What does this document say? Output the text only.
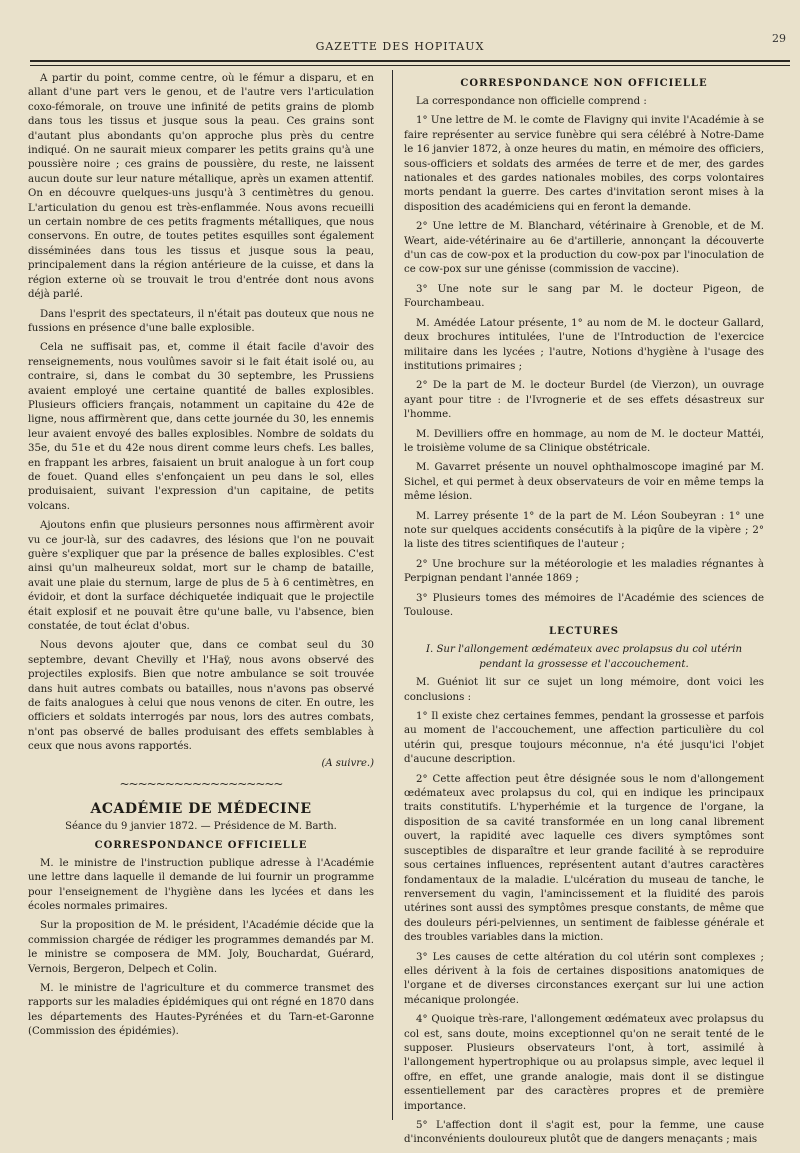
GAZETTE DES HOPITAUX
29

A partir du point, comme centre, où le fémur a disparu, et en allant d'une part vers le genou, et de l'autre vers l'articulation coxo-fémorale, on trouve une infinité de petits grains de plomb dans tous les tissus et jusque sous la peau. Ces grains sont d'autant plus abondants qu'on approche plus près du centre indiqué. On ne saurait mieux comparer les petits grains qu'à une poussière noire ; ces grains de poussière, du reste, ne laissent aucun doute sur leur nature métallique, après un examen attentif. On en découvre quelques-uns jusqu'à 3 centimètres du genou. L'articulation du genou est très-enflammée. Nous avons recueilli un certain nombre de ces petits fragments métalliques, que nous conservons. En outre, de toutes petites esquilles sont également disséminées dans tous les tissus et jusque sous la peau, principalement dans la région antérieure de la cuisse, et dans la région externe où se trouvait le trou d'entrée dont nous avons déjà parlé.

Dans l'esprit des spectateurs, il n'était pas douteux que nous ne fussions en présence d'une balle explosible.

Cela ne suffisait pas, et, comme il était facile d'avoir des renseignements, nous voulûmes savoir si le fait était isolé ou, au contraire, si, dans le combat du 30 septembre, les Prussiens avaient employé une certaine quantité de balles explosibles. Plusieurs officiers français, notamment un capitaine du 42e de ligne, nous affirmèrent que, dans cette journée du 30, les ennemis leur avaient envoyé des balles explosibles. Nombre de soldats du 35e, du 51e et du 42e nous dirent comme leurs chefs. Les balles, en frappant les arbres, faisaient un bruit analogue à un fort coup de fouet. Quand elles s'enfonçaient un peu dans le sol, elles produisaient, suivant l'expression d'un capitaine, de petits volcans.

Ajoutons enfin que plusieurs personnes nous affirmèrent avoir vu ce jour-là, sur des cadavres, des lésions que l'on ne pouvait guère s'expliquer que par la présence de balles explosibles. C'est ainsi qu'un malheureux soldat, mort sur le champ de bataille, avait une plaie du sternum, large de plus de 5 à 6 centimètres, en évidoir, et dont la surface déchiquetée indiquait que le projectile était explosif et ne pouvait être qu'une balle, vu l'absence, bien constatée, de tout éclat d'obus.

Nous devons ajouter que, dans ce combat seul du 30 septembre, devant Chevilly et l'Haÿ, nous avons observé des projectiles explosifs. Bien que notre ambulance se soit trouvée dans huit autres combats ou batailles, nous n'avons pas observé de faits analogues à celui que nous venons de citer. En outre, les officiers et soldats interrogés par nous, lors des autres combats, n'ont pas observé de balles produisant des effets semblables à ceux que nous avons rapportés.

(A suivre.)
~~~~~~~~~~~~~~~~~~
ACADÉMIE DE MÉDECINE
Séance du 9 janvier 1872. — Présidence de M. Barth.
CORRESPONDANCE OFFICIELLE

M. le ministre de l'instruction publique adresse à l'Académie une lettre dans laquelle il demande de lui fournir un programme pour l'enseignement de l'hygiène dans les lycées et dans les écoles normales primaires.

Sur la proposition de M. le président, l'Académie décide que la commission chargée de rédiger les programmes demandés par M. le ministre se composera de MM. Joly, Bouchardat, Guérard, Vernois, Bergeron, Delpech et Colin.

M. le ministre de l'agriculture et du commerce transmet des rapports sur les maladies épidémiques qui ont régné en 1870 dans les départements des Hautes-Pyrénées et du Tarn-et-Garonne (Commission des épidémies).

CORRESPONDANCE NON OFFICIELLE

La correspondance non officielle comprend :

1° Une lettre de M. le comte de Flavigny qui invite l'Académie à se faire représenter au service funèbre qui sera célébré à Notre-Dame le 16 janvier 1872, à onze heures du matin, en mémoire des officiers, sous-officiers et soldats des armées de terre et de mer, des gardes nationales et des gardes nationales mobiles, des corps volontaires morts pendant la guerre. Des cartes d'invitation seront mises à la disposition des académiciens qui en feront la demande.

2° Une lettre de M. Blanchard, vétérinaire à Grenoble, et de M. Weart, aide-vétérinaire au 6e d'artillerie, annonçant la découverte d'un cas de cow-pox et la production du cow-pox par l'inoculation de ce cow-pox sur une génisse (commission de vaccine).

3° Une note sur le sang par M. le docteur Pigeon, de Fourchambeau.

M. Amédée Latour présente, 1° au nom de M. le docteur Gallard, deux brochures intitulées, l'une de l'Introduction de l'exercice militaire dans les lycées ; l'autre, Notions d'hygiène à l'usage des institutions primaires ;

2° De la part de M. le docteur Burdel (de Vierzon), un ouvrage ayant pour titre : de l'Ivrognerie et de ses effets désastreux sur l'homme.

M. Devilliers offre en hommage, au nom de M. le docteur Mattéi, le troisième volume de sa Clinique obstétricale.

M. Gavarret présente un nouvel ophthalmoscope imaginé par M. Sichel, et qui permet à deux observateurs de voir en même temps la même lésion.

M. Larrey présente 1° de la part de M. Léon Soubeyran : 1° une note sur quelques accidents consécutifs à la piqûre de la vipère ; 2° la liste des titres scientifiques de l'auteur ;

2° Une brochure sur la météorologie et les maladies régnantes à Perpignan pendant l'année 1869 ;

3° Plusieurs tomes des mémoires de l'Académie des sciences de Toulouse.

LECTURES
I. Sur l'allongement œdémateux avec prolapsus du col utérin pendant la grossesse et l'accouchement.

M. Guéniot lit sur ce sujet un long mémoire, dont voici les conclusions :

1° Il existe chez certaines femmes, pendant la grossesse et parfois au moment de l'accouchement, une affection particulière du col utérin qui, presque toujours méconnue, n'a été jusqu'ici l'objet d'aucune description.

2° Cette affection peut être désignée sous le nom d'allongement œdémateux avec prolapsus du col, qui en indique les principaux traits constitutifs. L'hyperhémie et la turgence de l'organe, la disposition de sa cavité transformée en un long canal librement ouvert, la rapidité avec laquelle ces divers symptômes sont susceptibles de disparaître et leur grande facilité à se reproduire sous certaines influences, représentent autant d'autres caractères fondamentaux de la maladie. L'ulcération du museau de tanche, le renversement du vagin, l'amincissement et la fluidité des parois utérines sont aussi des symptômes presque constants, de même que des douleurs péri-pelviennes, un sentiment de faiblesse générale et des troubles variables dans la miction.

3° Les causes de cette altération du col utérin sont complexes ; elles dérivent à la fois de certaines dispositions anatomiques de l'organe et de diverses circonstances exerçant sur lui une action mécanique prolongée.

4° Quoique très-rare, l'allongement œdémateux avec prolapsus du col est, sans doute, moins exceptionnel qu'on ne serait tenté de le supposer. Plusieurs observateurs l'ont, à tort, assimilé à l'allongement hypertrophique ou au prolapsus simple, avec lequel il offre, en effet, une grande analogie, mais dont il se distingue essentiellement par des caractères propres et de première importance.

5° L'affection dont il s'agit est, pour la femme, une cause d'inconvénients douloureux plutôt que de dangers menaçants ; mais
